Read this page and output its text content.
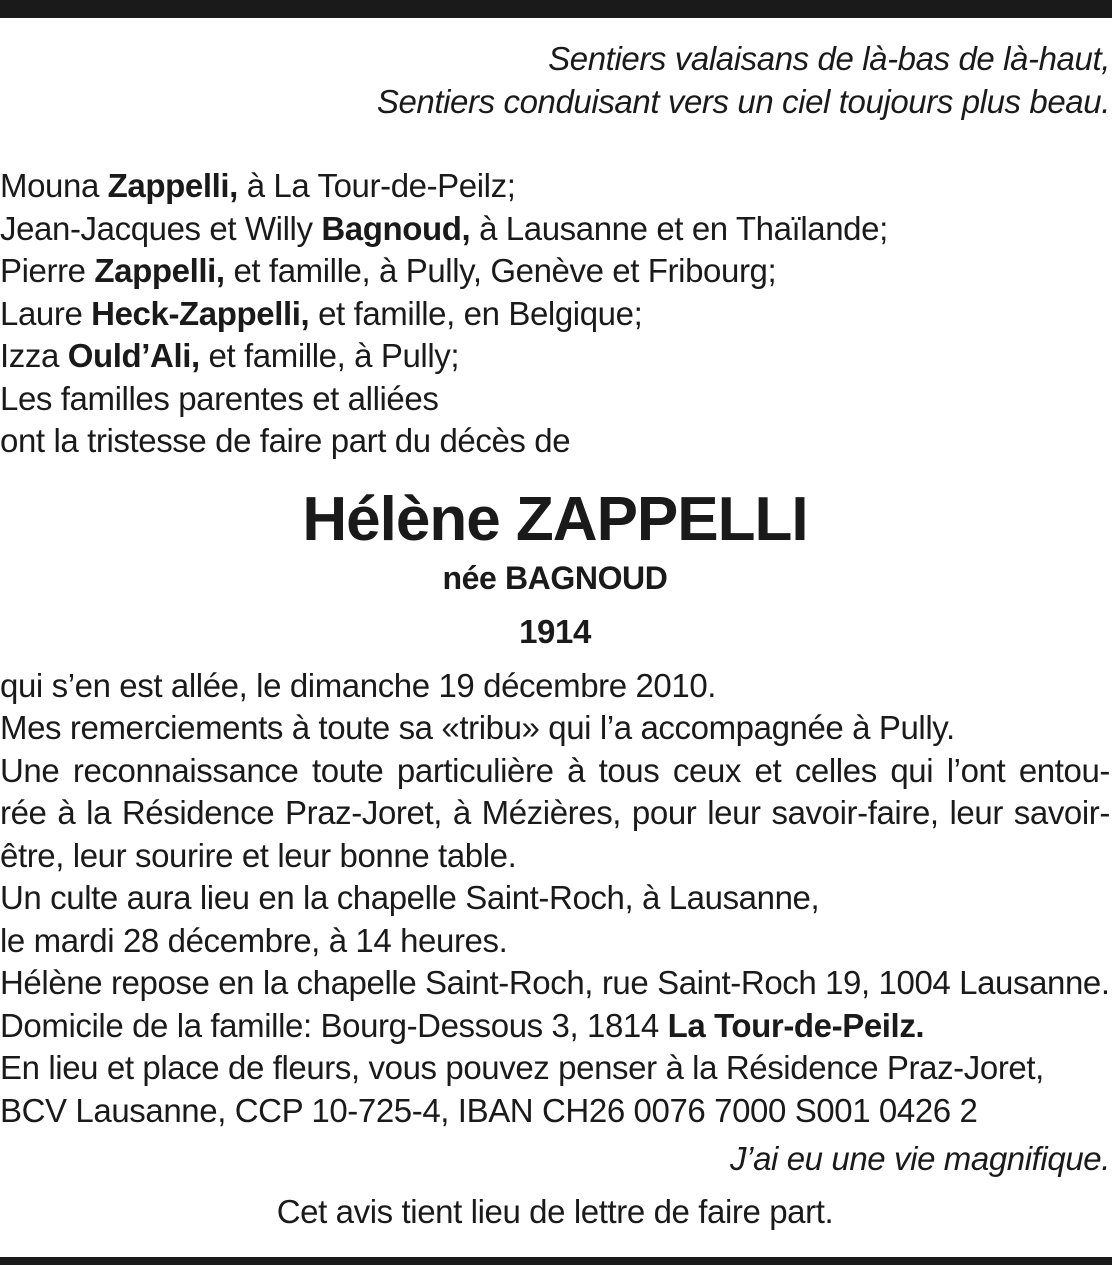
Sentiers valaisans de là-bas de là-haut,
Sentiers conduisant vers un ciel toujours plus beau.
Mouna Zappelli, à La Tour-de-Peilz;
Jean-Jacques et Willy Bagnoud, à Lausanne et en Thaïlande;
Pierre Zappelli, et famille, à Pully, Genève et Fribourg;
Laure Heck-Zappelli, et famille, en Belgique;
Izza Ould’Ali, et famille, à Pully;
Les familles parentes et alliées
ont la tristesse de faire part du décès de
Hélène ZAPPELLI
née BAGNOUD
1914
qui s’en est allée, le dimanche 19 décembre 2010.
Mes remerciements à toute sa «tribu» qui l’a accompagnée à Pully.
Une reconnaissance toute particulière à tous ceux et celles qui l’ont entou-
rée à la Résidence Praz-Joret, à Mézières, pour leur savoir-faire, leur savoir-
être, leur sourire et leur bonne table.
Un culte aura lieu en la chapelle Saint-Roch, à Lausanne,
le mardi 28 décembre, à 14 heures.
Hélène repose en la chapelle Saint-Roch, rue Saint-Roch 19, 1004 Lausanne.
Domicile de la famille: Bourg-Dessous 3, 1814 La Tour-de-Peilz.
En lieu et place de fleurs, vous pouvez penser à la Résidence Praz-Joret,
BCV Lausanne, CCP 10-725-4, IBAN CH26 0076 7000 S001 0426 2
J’ai eu une vie magnifique.
Cet avis tient lieu de lettre de faire part.
